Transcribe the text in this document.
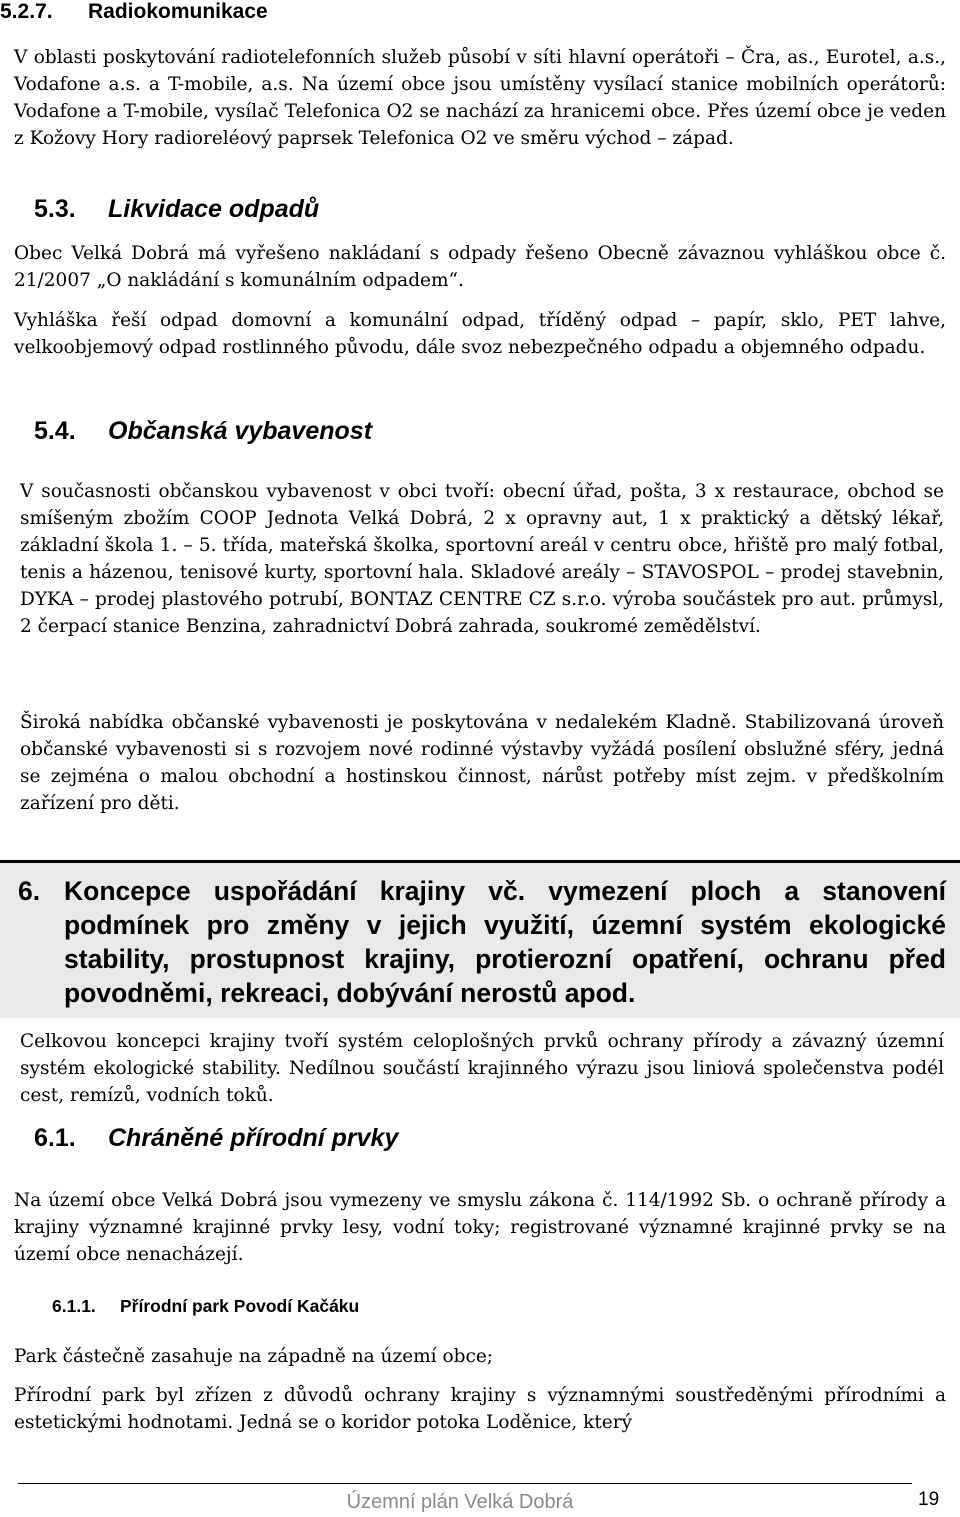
5.2.7. Radiokomunikace
V oblasti poskytování radiotelefonních služeb působí v síti hlavní operátoři – Čra, as., Eurotel, a.s., Vodafone a.s. a T-mobile, a.s. Na území obce jsou umístěny vysílací stanice mobilních operátorů: Vodafone a T-mobile, vysílač Telefonica O2 se nachází za hranicemi obce. Přes území obce je veden z Kožovy Hory radioreléový paprsek Telefonica O2 ve směru východ – západ.
5.3. Likvidace odpadů
Obec Velká Dobrá má vyřešeno nakládaní s odpady řešeno Obecně závaznou vyhláškou obce č. 21/2007 „O nakládání s komunálním odpadem“.
Vyhláška řeší odpad domovní a komunální odpad, tříděný odpad – papír, sklo, PET lahve, velkoobjemový odpad rostlinného původu, dále svoz nebezpečného odpadu a objemného odpadu.
5.4. Občanská vybavenost
V současnosti občanskou vybavenost v obci tvoří: obecní úřad, pošta, 3 x restaurace, obchod se smíšeným zbožím COOP Jednota Velká Dobrá, 2 x opravny aut, 1 x praktický a dětský lékař, základní škola 1. – 5. třída, mateřská školka, sportovní areál v centru obce, hřiště pro malý fotbal, tenis a házenou, tenisové kurty, sportovní hala. Skladové areály – STAVOSPOL – prodej stavebnin, DYKA – prodej plastového potrubí, BONTAZ CENTRE CZ s.r.o. výroba součástek pro aut. průmysl, 2 čerpací stanice Benzina, zahradnictví Dobrá zahrada, soukromé zemědělství.
Široká nabídka občanské vybavenosti je poskytována v nedalekém Kladně. Stabilizovaná úroveň občanské vybavenosti si s rozvojem nové rodinné výstavby vyžádá posílení obslužné sféry, jedná se zejména o malou obchodní a hostinskou činnost, nárůst potřeby míst zejm. v předškolním zařízení pro děti.
6. Koncepce uspořádání krajiny vč. vymezení ploch a stanovení podmínek pro změny v jejich využití, územní systém ekologické stability, prostupnost krajiny, protierozní opatření, ochranu před povodněmi, rekreaci, dobývání nerostů apod.
Celkovou koncepci krajiny tvoří systém celoplošných prvků ochrany přírody a závazný územní systém ekologické stability. Nedílnou součástí krajinného výrazu jsou liniová společenstva podél cest, remízů, vodních toků.
6.1. Chráněné přírodní prvky
Na území obce Velká Dobrá jsou vymezeny ve smyslu zákona č. 114/1992 Sb. o ochraně přírody a krajiny významné krajinné prvky lesy, vodní toky; registrované významné krajinné prvky se na území obce nenacházejí.
6.1.1. Přírodní park Povodí Kačáku
Park částečně zasahuje na západně na území obce;
Přírodní park byl zřízen z důvodů ochrany krajiny s významnými soustředěnými přírodními a estetickými hodnotami. Jedná se o koridor potoka Loděnice, který
Územní plán Velká Dobrá	19
